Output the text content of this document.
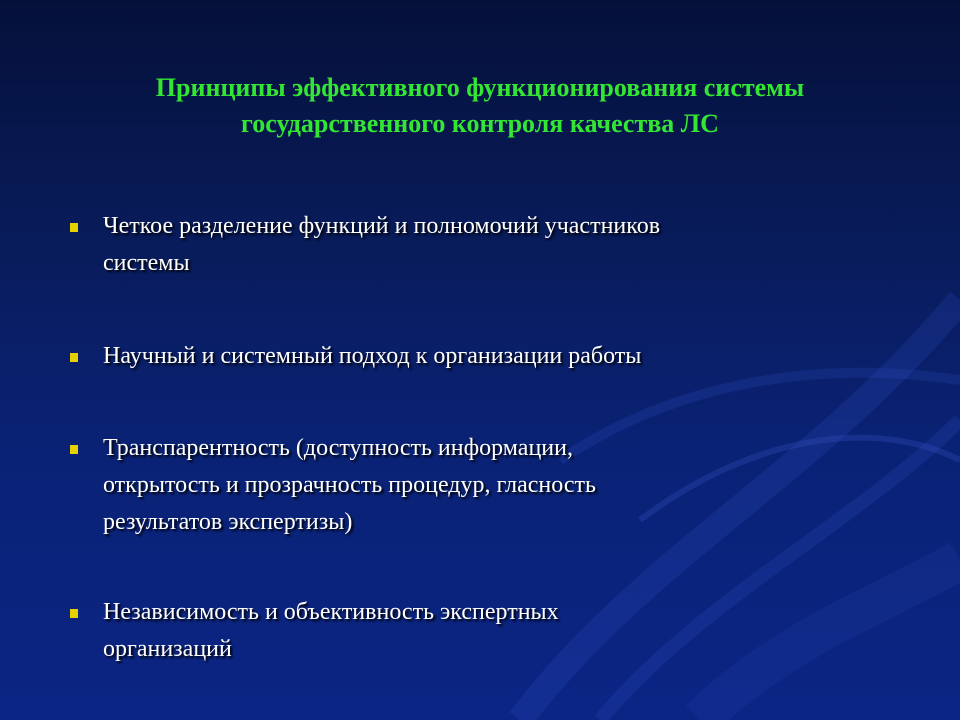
Принципы эффективного функционирования системы
государственного контроля качества ЛС
Четкое разделение функций и полномочий участников
системы
Научный и системный подход к организации работы
Транспарентность (доступность информации,
открытость и прозрачность процедур, гласность
результатов экспертизы)
Независимость и объективность экспертных
организаций
